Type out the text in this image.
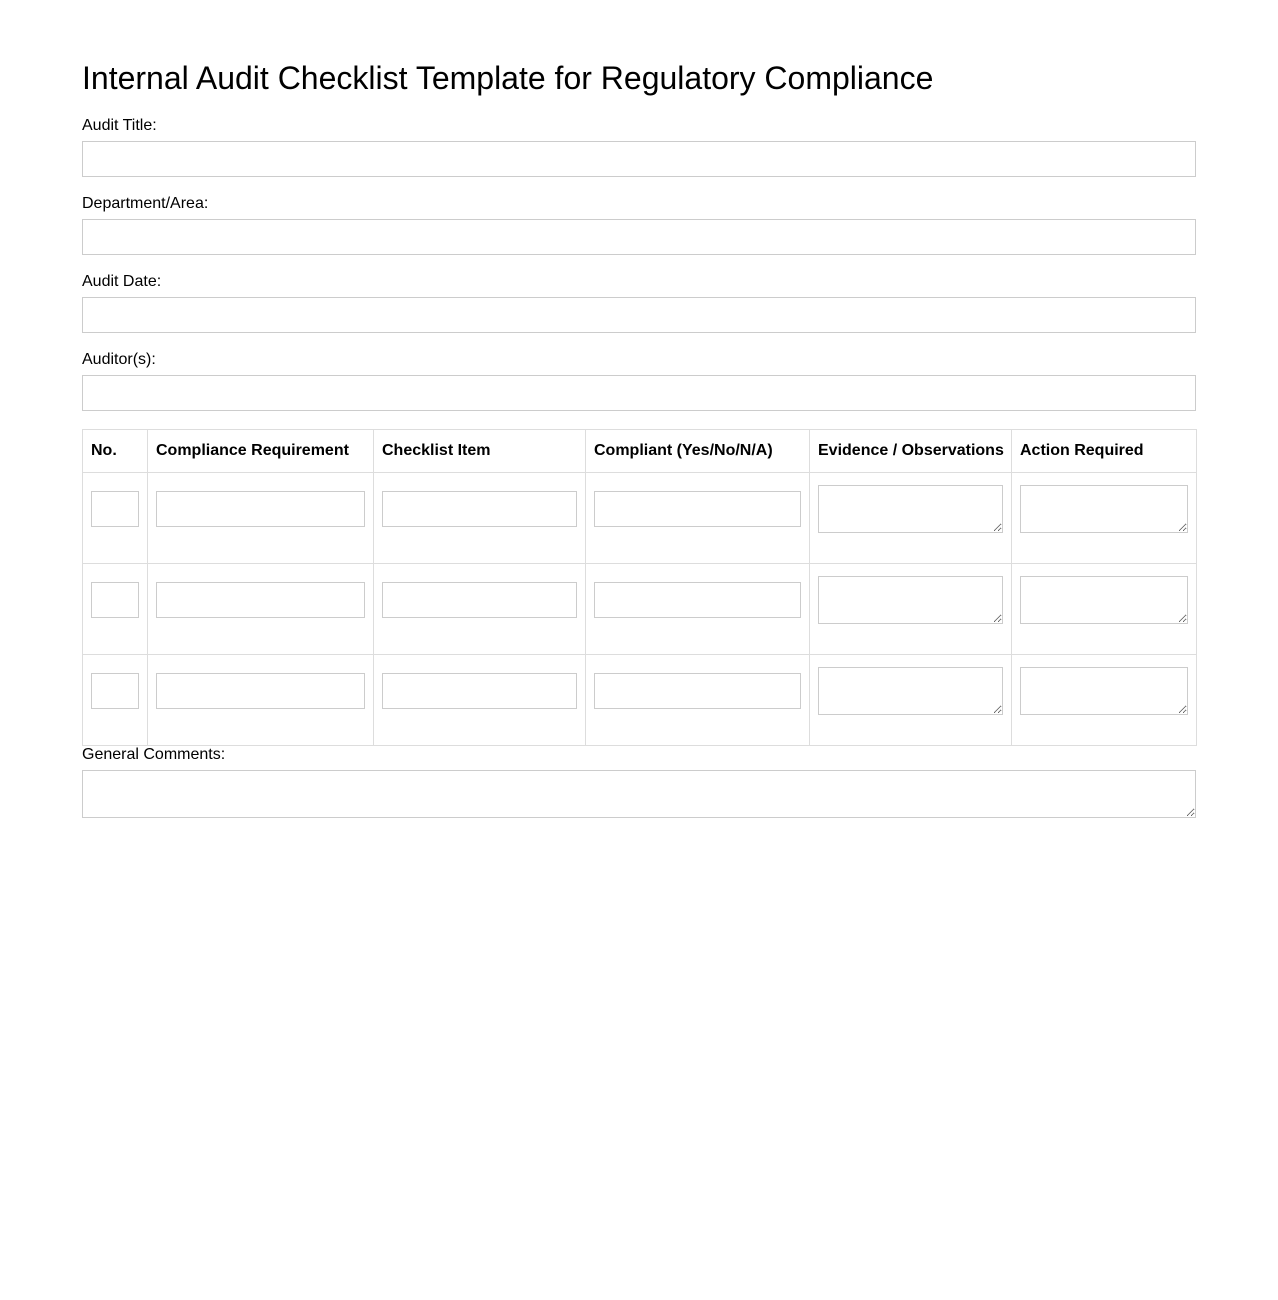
Internal Audit Checklist Template for Regulatory Compliance
Audit Title:
Department/Area:
Audit Date:
Auditor(s):
No.	Compliance Requirement	Checklist Item	Compliant (Yes/No/N/A)	Evidence / Observations	Action Required

General Comments:
